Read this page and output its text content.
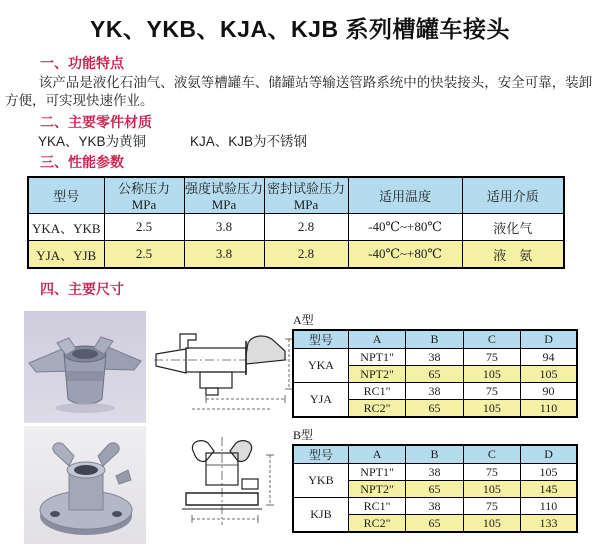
YK、YKB、KJA、KJB 系列槽罐车接头
一、功能特点

该产品是液化石油气、液氨等槽罐车、储罐站等输送管路系统中的快装接头，安全可靠，装卸方便，可实现快速作业。

二、主要零件材质

YKA、YKB为黄铜	KJA、KJB为不锈钢

三、性能参数
型号	公称压力 MPa	强度试验压力MPa	密封试验压力MPa	适用温度	适用介质
YKA、YKB	2.5	3.8	2.8	-40℃~+80℃	液化气
YJA、YJB	2.5	3.8	2.8	-40℃~+80℃	液　氨
四、主要尺寸
A型
型号	A	B	C	D
YKA	NPT1"	38	75	94
	NPT2"	65	105	105
YJA	RC1"	38	75	90
	RC2"	65	105	110
B型
型号	A	B	C	D
YKB	NPT1"	38	75	105
	NPT2"	65	105	145
KJB	RC1"	38	75	110
	RC2"	65	105	133
